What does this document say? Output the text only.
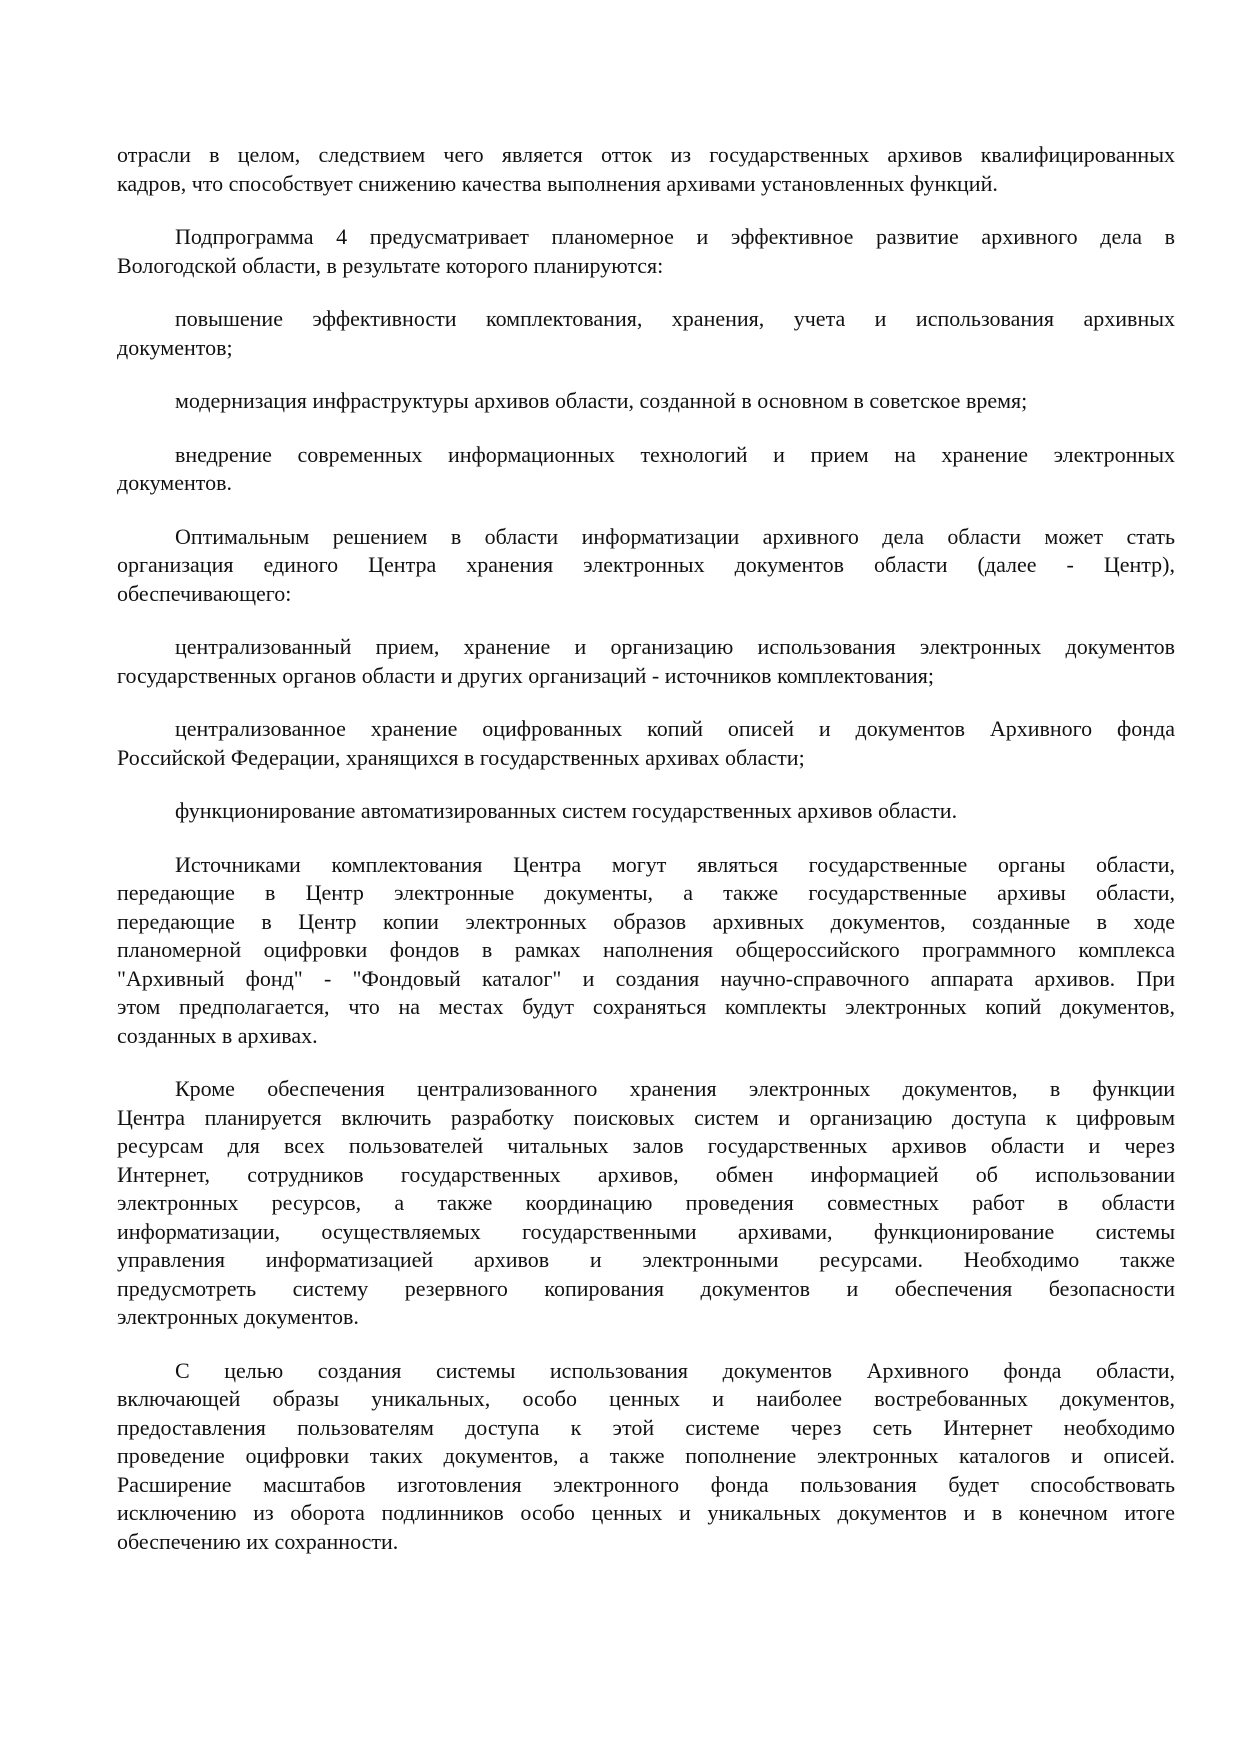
отрасли в целом, следствием чего является отток из государственных архивов квалифицированных
кадров, что способствует снижению качества выполнения архивами установленных функций.
Подпрограмма 4 предусматривает планомерное и эффективное развитие архивного дела в
Вологодской области, в результате которого планируются:
повышение эффективности комплектования, хранения, учета и использования архивных
документов;
модернизация инфраструктуры архивов области, созданной в основном в советское время;
внедрение современных информационных технологий и прием на хранение электронных
документов.
Оптимальным решением в области информатизации архивного дела области может стать
организация единого Центра хранения электронных документов области (далее - Центр),
обеспечивающего:
централизованный прием, хранение и организацию использования электронных документов
государственных органов области и других организаций - источников комплектования;
централизованное хранение оцифрованных копий описей и документов Архивного фонда
Российской Федерации, хранящихся в государственных архивах области;
функционирование автоматизированных систем государственных архивов области.
Источниками комплектования Центра могут являться государственные органы области,
передающие в Центр электронные документы, а также государственные архивы области,
передающие в Центр копии электронных образов архивных документов, созданные в ходе
планомерной оцифровки фондов в рамках наполнения общероссийского программного комплекса
"Архивный фонд" - "Фондовый каталог" и создания научно-справочного аппарата архивов. При
этом предполагается, что на местах будут сохраняться комплекты электронных копий документов,
созданных в архивах.
Кроме обеспечения централизованного хранения электронных документов, в функции
Центра планируется включить разработку поисковых систем и организацию доступа к цифровым
ресурсам для всех пользователей читальных залов государственных архивов области и через
Интернет, сотрудников государственных архивов, обмен информацией об использовании
электронных ресурсов, а также координацию проведения совместных работ в области
информатизации, осуществляемых государственными архивами, функционирование системы
управления информатизацией архивов и электронными ресурсами. Необходимо также
предусмотреть систему резервного копирования документов и обеспечения безопасности
электронных документов.
С целью создания системы использования документов Архивного фонда области,
включающей образы уникальных, особо ценных и наиболее востребованных документов,
предоставления пользователям доступа к этой системе через сеть Интернет необходимо
проведение оцифровки таких документов, а также пополнение электронных каталогов и описей.
Расширение масштабов изготовления электронного фонда пользования будет способствовать
исключению из оборота подлинников особо ценных и уникальных документов и в конечном итоге
обеспечению их сохранности.
